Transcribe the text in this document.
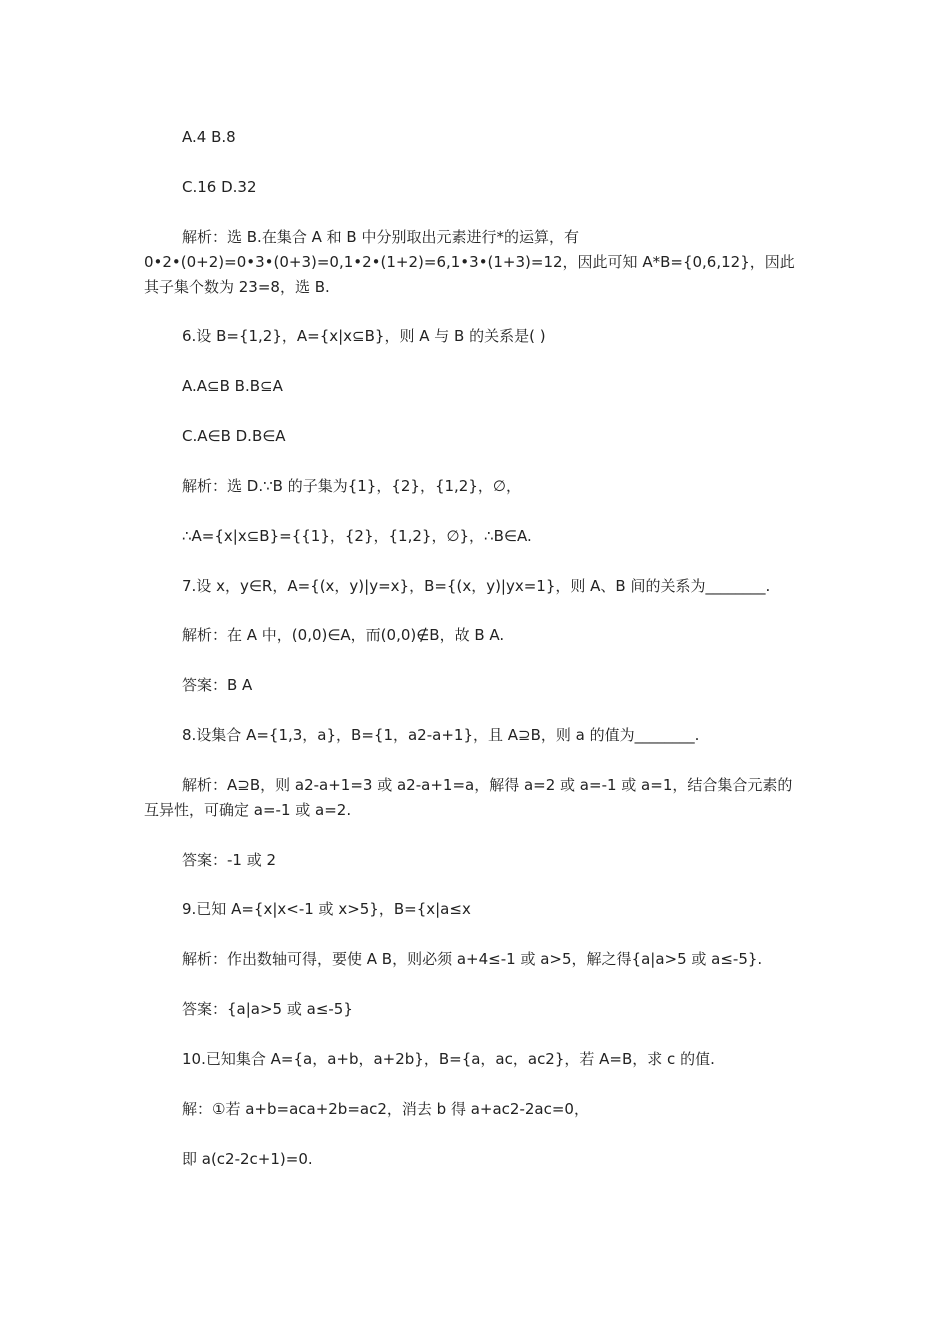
A.4 B.8
C.16 D.32
解析：选 B.在集合 A 和 B 中分别取出元素进行*的运算，有 0•2•(0+2)=0•3•(0+3)=0,1•2•(1+2)=6,1•3•(1+3)=12，因此可知 A*B={0,6,12}，因此其子集个数为 23=8，选 B.
6.设 B={1,2}，A={x|x⊆B}，则 A 与 B 的关系是( )
A.A⊆B B.B⊆A
C.A∈B D.B∈A
解析：选 D.∵B 的子集为{1}，{2}，{1,2}，∅，
∴A={x|x⊆B}={{1}，{2}，{1,2}，∅}，∴B∈A.
7.设 x，y∈R，A={(x，y)|y=x}，B={(x，y)|yx=1}，则 A、B 间的关系为________.
解析：在 A 中，(0,0)∈A，而(0,0)∉B，故 B A.
答案：B A
8.设集合 A={1,3，a}，B={1，a2-a+1}，且 A⊇B，则 a 的值为________.
解析：A⊇B，则 a2-a+1=3 或 a2-a+1=a，解得 a=2 或 a=-1 或 a=1，结合集合元素的互异性，可确定 a=-1 或 a=2.
答案：-1 或 2
9.已知 A={x|x<-1 或 x>5}，B={x|a≤x
解析：作出数轴可得，要使 A B，则必须 a+4≤-1 或 a>5，解之得{a|a>5 或 a≤-5}.
答案：{a|a>5 或 a≤-5}
10.已知集合 A={a，a+b，a+2b}，B={a，ac，ac2}，若 A=B，求 c 的值.
解：①若 a+b=aca+2b=ac2，消去 b 得 a+ac2-2ac=0，
即 a(c2-2c+1)=0.
